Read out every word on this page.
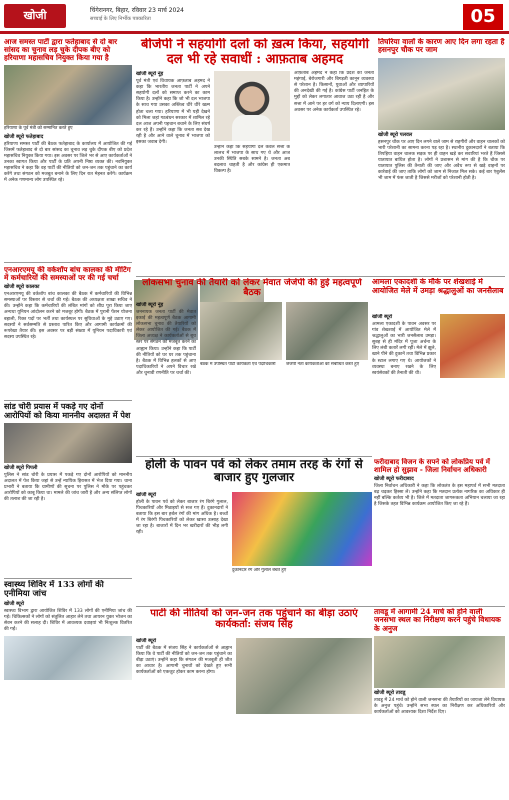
खोजी	चिंगेरानगर, बिहार, रविवार 23 मार्च 2024
सच्चाई के लिए निर्भीक पत्रकारिता	05
आज समस्त पार्टी द्वारा फतेहाबाद से दो बार सांसद का चुनाव लड़ चुके दीपक बीए को हरियाणा महासचिव नियुक्त किया गया है
हरियाणा के पूर्व मंत्री को सम्मानित करते हुए
खोजी ब्यूरो फतेहाबाद
हरियाणा समस्त पार्टी की बैठक फतेहाबाद के कार्यालय में आयोजित की गई जिसमें फतेहाबाद से दो बार सांसद का चुनाव लड़ चुके दीपक बीए को प्रदेश महासचिव नियुक्त किया गया। इस अवसर पर जिले भर से आए कार्यकर्ताओं ने उनका स्वागत किया और पार्टी के प्रति अपनी निष्ठा व्यक्त की। नवनियुक्त महासचिव ने कहा कि वह पार्टी की नीतियों को जन-जन तक पहुंचाने का कार्य करेंगे तथा संगठन को मजबूत बनाने के लिए दिन रात मेहनत करेंगे। कार्यक्रम में अनेक गणमान्य लोग उपस्थित रहे।
एनआरएमयू की वर्कशॉप बांच कालका की मीटिंग में कर्मचारियों की समस्याओं पर की गई चर्चा
खोजी ब्यूरो कालका
एनआरएमयू की वर्कशॉप बांच कालका की बैठक में कर्मचारियों की विभिन्न समस्याओं पर विस्तार से चर्चा की गई। बैठक की अध्यक्षता शाखा सचिव ने की। उन्होंने कहा कि कर्मचारियों की लंबित मांगों को शीघ्र पूरा किया जाए अन्यथा यूनियन आंदोलन करने को मजबूर होगी। बैठक में पुरानी पेंशन योजना बहाली, रिक्त पदों पर भर्ती तथा कार्यस्थल पर सुविधाओं के मुद्दे उठाए गए। सदस्यों ने सर्वसम्मति से प्रस्ताव पारित किए और आगामी कार्यक्रमों की रूपरेखा तैयार की। इस अवसर पर बड़ी संख्या में यूनियन पदाधिकारी एवं सदस्य उपस्थित रहे।
बीजेपी ने सहयोगी दलों को ख़त्म किया, सहयोगी दल भी रहे सवाधीं : आफ़ताब अहमद
खोजी ब्यूरो नूंह
पूर्व मंत्री एवं विधायक आफ़ताब अहमद ने कहा कि भारतीय जनता पार्टी ने अपने सहयोगी दलों को समाप्त करने का काम किया है। उन्होंने कहा कि जो भी दल भाजपा के साथ गया उसका अस्तित्व धीरे धीरे खत्म होता चला गया। हरियाणा में भी यही देखने को मिला जहां गठबंधन सरकार में शामिल रहे दल आज अपनी पहचान बचाने के लिए संघर्ष कर रहे हैं। उन्होंने कहा कि जनता सब देख रही है और आने वाले चुनाव में भाजपा को इसका जवाब देगी।
उन्होंने कहा कि सहयोगी दल केवल सत्ता के लालच में भाजपा के साथ गए थे और आज उनकी स्थिति सबके सामने है। जनता अब बदलाव चाहती है और कांग्रेस ही एकमात्र विकल्प है।
आफ़ताब अहमद ने कहा कि प्रदेश की जनता महंगाई, बेरोजगारी और बिगड़ती कानून व्यवस्था से परेशान है। किसानों, युवाओं और व्यापारियों की अनदेखी की गई है। कांग्रेस पार्टी जनहित के मुद्दों को लेकर लगातार आवाज उठा रही है और सत्ता में आने पर हर वर्ग को न्याय दिलाएगी। इस अवसर पर अनेक कार्यकर्ता उपस्थित रहे।
तिघरिया वालों के कारण आए दिन लगा रहता है हसनपुर चौक पर जाम
खोजी ब्यूरो पलवल
हसनपुर चौक पर आए दिन लगने वाले जाम से राहगीरों और वाहन चालकों को भारी परेशानी का सामना करना पड़ रहा है। स्थानीय दुकानदारों ने बताया कि तिपहिया वाहन चालक सड़क पर ही वाहन खड़े कर सवारियां भरते हैं जिससे यातायात बाधित होता है। लोगों ने प्रशासन से मांग की है कि चौक पर यातायात पुलिस की तैनाती की जाए और अवैध रूप से खड़े वाहनों पर कार्रवाई की जाए ताकि लोगों को जाम से निजात मिल सके। कई बार एंबुलेंस भी जाम में फंस जाती है जिससे मरीजों को परेशानी होती है।
लोकसभा चुनाव की तैयारी को लेकर मेवात जेजेपी की हुई महत्वपूर्ण बैठक
खोजी ब्यूरो नूंह
जननायक जनता पार्टी की मेवात इकाई की महत्वपूर्ण बैठक आगामी लोकसभा चुनाव की तैयारियों को लेकर आयोजित की गई। बैठक में जिला अध्यक्ष ने कार्यकर्ताओं से बूथ स्तर पर संगठन को मजबूत करने का आह्वान किया। उन्होंने कहा कि पार्टी की नीतियों को घर घर तक पहुंचाना है। बैठक में विभिन्न हलकों से आए पदाधिकारियों ने अपने विचार रखे और चुनावी रणनीति पर चर्चा की।
बैठक में उपस्थित पार्टी कार्यकर्ता एवं पदाधिकारी	जेजेपी नेता कार्यकर्ताओं को संबोधित करते हुए
आमला एकादशी के मौके पर शेखशाई में आयोजित मेले में उमड़ा श्रद्धालुओं का जनसैलाब
खोजी ब्यूरो
आमला एकादशी के पावन अवसर पर गांव शेखशाई में आयोजित मेले में श्रद्धालुओं का भारी जनसैलाब उमड़ा। सुबह से ही मंदिर में पूजा अर्चना के लिए लंबी कतारें लगी रहीं। मेले में झूले, खाने पीने की दुकानें तथा विभिन्न प्रकार के स्टाल लगाए गए थे। आयोजकों ने व्यवस्था बनाए रखने के लिए स्वयंसेवकों की तैनाती की थी।
सांड चोरी प्रयास में पकड़े गए दोनों आरोपियों को किया माननीय अदालत में पेश
खोजी ब्यूरो पिपली
पुलिस ने सांड चोरी के प्रयास में पकड़े गए दोनों आरोपियों को माननीय अदालत में पेश किया जहां से उन्हें न्यायिक हिरासत में भेज दिया गया। थाना प्रभारी ने बताया कि ग्रामीणों की सूचना पर पुलिस ने मौके पर पहुंचकर आरोपियों को काबू किया था। मामले की जांच जारी है और अन्य संलिप्त लोगों की तलाश की जा रही है।
होली के पावन पर्व को लेकर तमाम तरह के रंगों से बाजार हुए गुलजार
खोजी ब्यूरो
होली के पावन पर्व को लेकर बाजार रंग बिरंगे गुलाल, पिचकारियों और मिठाइयों से सज गए हैं। दुकानदारों ने बताया कि इस बार हर्बल रंगों की मांग अधिक है। बच्चों में रंग बिरंगी पिचकारियों को लेकर खासा उत्साह देखा जा रहा है। बाजारों में दिन भर खरीदारों की भीड़ लगी रही।
दुकानदार रंग और गुलाल बेचते हुए
फरीदाबाद विजन के सपने को लोकप्रिय पर्व में शामिल हो सुझाव - जिला निर्वाचन अधिकारी
खोजी ब्यूरो फरीदाबाद
जिला निर्वाचन अधिकारी ने कहा कि लोकतंत्र के इस महापर्व में सभी मतदाता बढ़ चढ़कर हिस्सा लें। उन्होंने कहा कि मतदान प्रत्येक नागरिक का अधिकार ही नहीं बल्कि कर्तव्य भी है। जिले में मतदाता जागरूकता अभियान चलाया जा रहा है जिसके तहत विभिन्न कार्यक्रम आयोजित किए जा रहे हैं।
स्वास्थ्य शिविर में 133 लोगों की एनीमिया जांच
खोजी ब्यूरो
स्वास्थ्य विभाग द्वारा आयोजित शिविर में 133 लोगों की एनीमिया जांच की गई। चिकित्सकों ने लोगों को संतुलित आहार लेने तथा आयरन युक्त भोजन का सेवन करने की सलाह दी। शिविर में आवश्यक दवाइयां भी निःशुल्क वितरित की गईं।
पार्टी की नीतियों को जन-जन तक पहुंचाने का बीड़ा उठाएं कार्यकर्ता: संजय सिंह
खोजी ब्यूरो
पार्टी की बैठक में संजय सिंह ने कार्यकर्ताओं से आह्वान किया कि वे पार्टी की नीतियों को जन-जन तक पहुंचाने का बीड़ा उठाएं। उन्होंने कहा कि संगठन की मजबूती ही जीत का आधार है। आगामी चुनावों को देखते हुए सभी कार्यकर्ताओं को एकजुट होकर काम करना होगा।
तावडू में आगामी 24 मार्च को होने वाली जनसभा स्थल का निरीक्षण करने पहुंचे विधायक के अनुज
खोजी ब्यूरो तावडू
तावडू में 24 मार्च को होने वाली जनसभा की तैयारियों का जायजा लेने विधायक के अनुज पहुंचे। उन्होंने सभा स्थल का निरीक्षण कर अधिकारियों और कार्यकर्ताओं को आवश्यक दिशा निर्देश दिए।
